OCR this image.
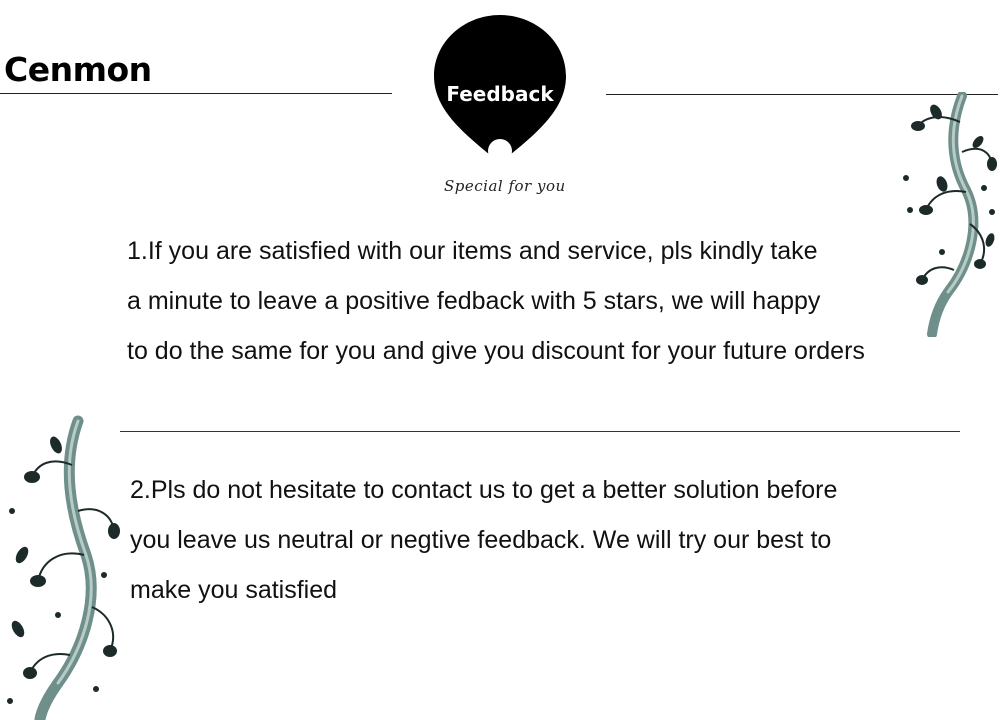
Cenmon
Feedback

Special for you

1.If you are satisfied with our items and service, pls kindly take
a minute to leave a positive fedback with 5 stars, we will happy
to do the same for you and give you discount for your future orders
2.Pls do not hesitate to contact us to get a better solution before
you leave us neutral or negtive feedback. We will try our best to
make you satisfied
